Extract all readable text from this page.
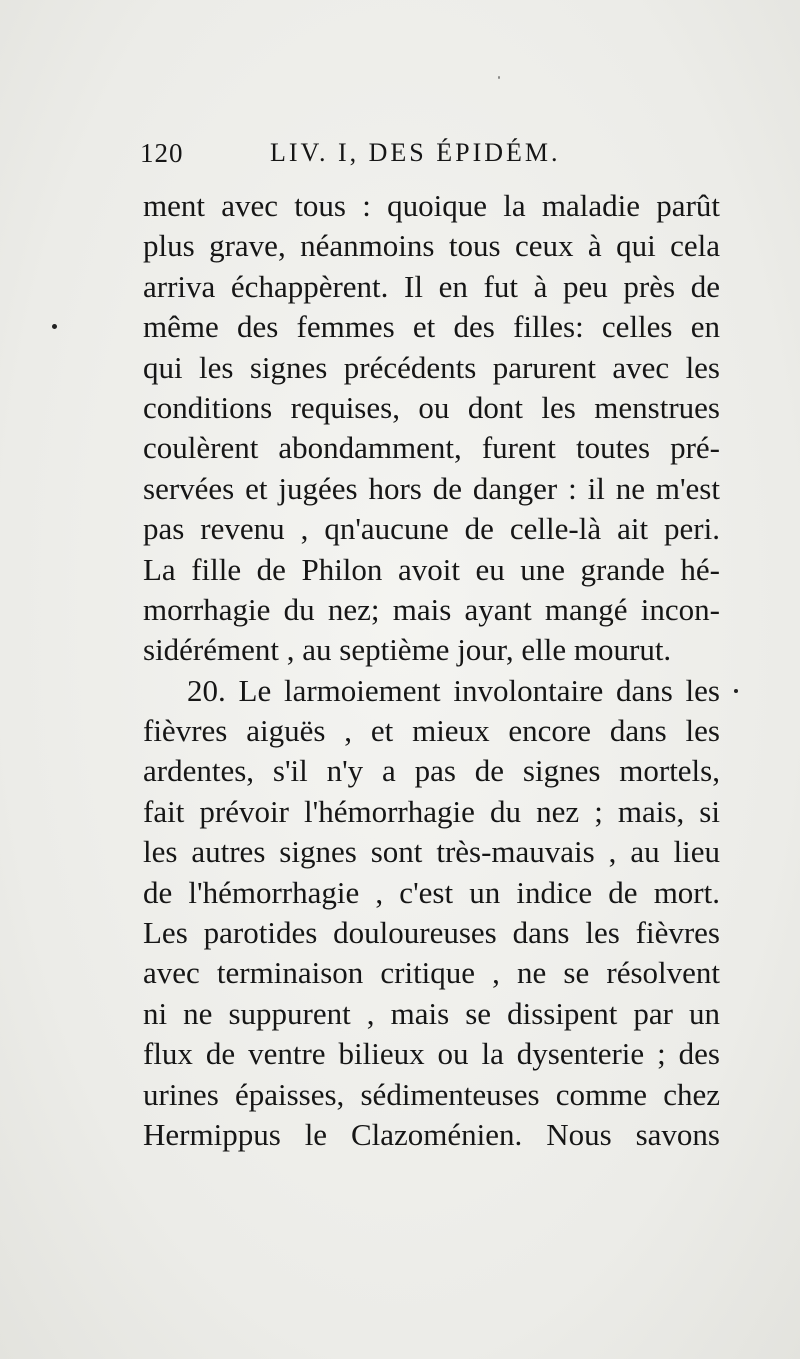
120	LIV. I, DES ÉPIDÉM.
ment avec tous : quoique la maladie parût
plus grave, néanmoins tous ceux à qui cela
arriva échappèrent. Il en fut à peu près de
même des femmes et des filles: celles en
qui les signes précédents parurent avec les
conditions requises, ou dont les menstrues
coulèrent abondamment, furent toutes pré-
servées et jugées hors de danger : il ne m'est
pas revenu , qn'aucune de celle-là ait peri.
La fille de Philon avoit eu une grande hé-
morrhagie du nez; mais ayant mangé incon-
sidérément , au septième jour, elle mourut.
20. Le larmoiement involontaire dans les
fièvres aiguës , et mieux encore dans les
ardentes, s'il n'y a pas de signes mortels,
fait prévoir l'hémorrhagie du nez ; mais, si
les autres signes sont très-mauvais , au lieu
de l'hémorrhagie , c'est un indice de mort.
Les parotides douloureuses dans les fièvres
avec terminaison critique , ne se résolvent
ni ne suppurent , mais se dissipent par un
flux de ventre bilieux ou la dysenterie ; des
urines épaisses, sédimenteuses comme chez
Hermippus le Clazoménien. Nous savons
